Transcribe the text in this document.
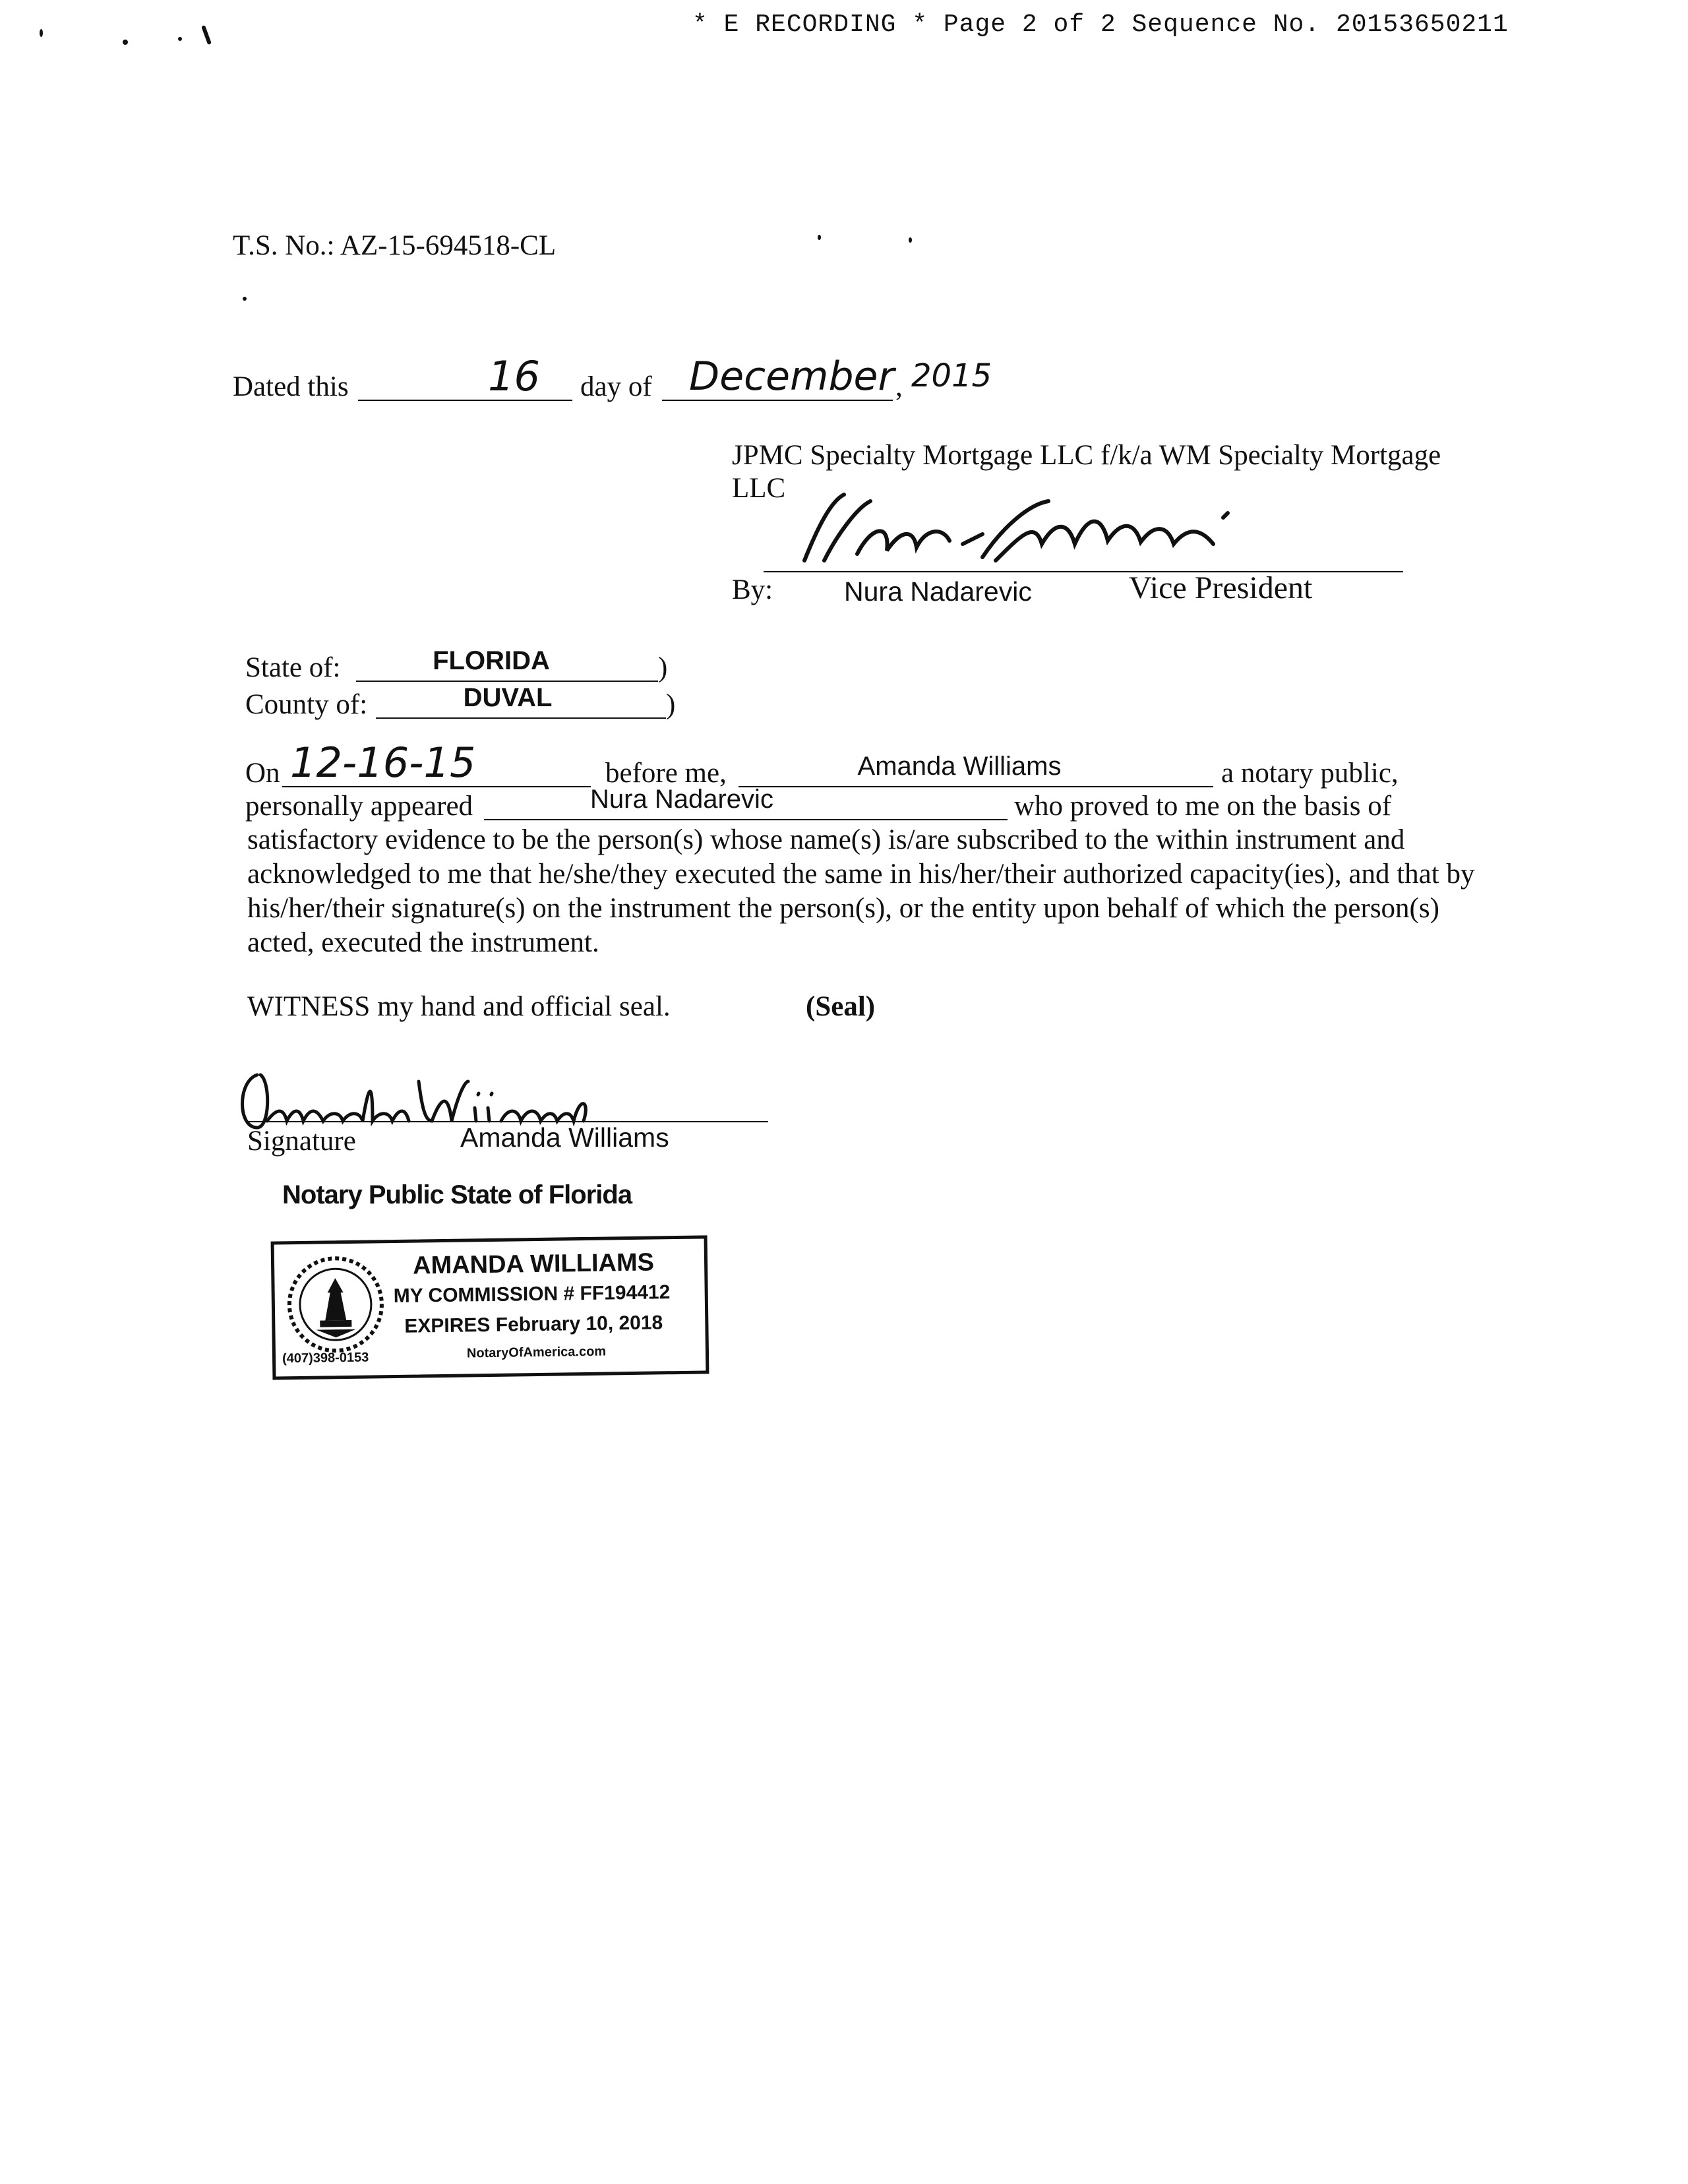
* E RECORDING * Page 2 of 2 Sequence No. 20153650211
T.S. No.: AZ-15-694518-CL
Dated this	16 day of December , 2015
JPMC Specialty Mortgage LLC f/k/a WM Specialty Mortgage
LLC
By:	Nura Nadarevic	Vice President
State of:	FLORIDA	)
County of:	DUVAL	)
On 12-16-15	before me,	Amanda Williams	a notary public,
personally appeared	Nura Nadarevic	who proved to me on the basis of
satisfactory evidence to be the person(s) whose name(s) is/are subscribed to the within instrument and acknowledged to me that he/she/they executed the same in his/her/their authorized capacity(ies), and that by his/her/their signature(s) on the instrument the person(s), or the entity upon behalf of which the person(s) acted, executed the instrument.
WITNESS my hand and official seal.	(Seal)
Signature	Amanda Williams
Notary Public State of Florida
AMANDA WILLIAMS
MY COMMISSION # FF194412
EXPIRES February 10, 2018
(407)398-0153	NotaryOfAmerica.com
